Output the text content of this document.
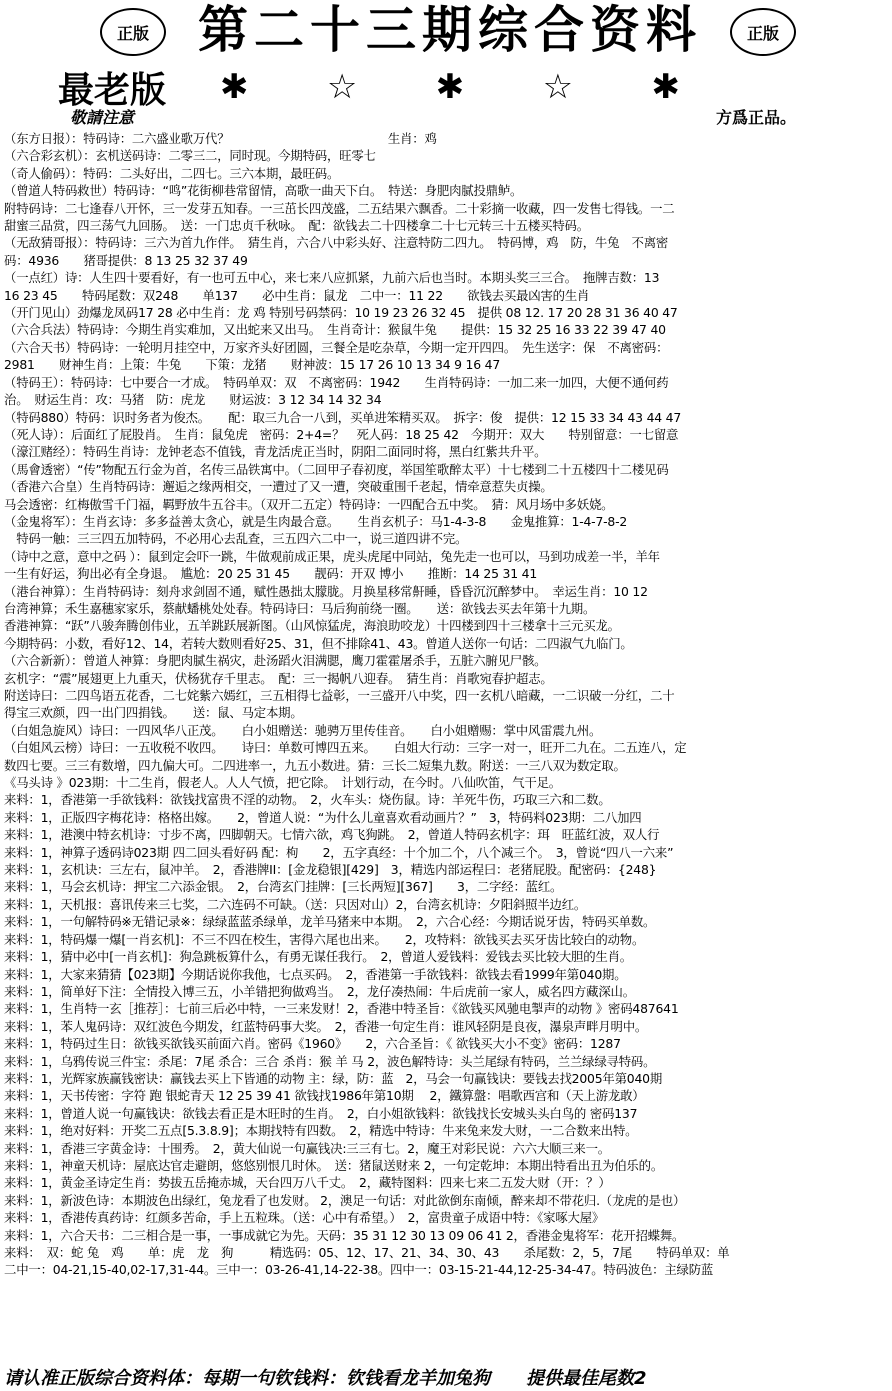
正版 第二十三期综合资料	正版
最老版 ✱ ☆ ✱ ☆ ✱
敬請注意	方爲正品。
（东方日报）：特码诗：二六盛业歌万代？　　　　　　　　　　　　　生肖：鸡
（六合彩玄机）：玄机送码诗：二零三二，同时现。今期特码，旺零七
（奇人偷码）：特码：二头好出，二四七。三六本期，最旺码。
（曾道人特码救世）特码诗：“鸣”花街柳巷常留情，高歌一曲天下白。　特送：身肥肉腻投鼎鲈。
附特码诗：二七逢春八开怀，三一发芽五知春。一三茁长四茂盛，二五结果六飘香。二十彩摘一收藏，四一发售七得钱。一二
甜蜜三品赏，四三荡气九回肠。　送：一门忠贞千秋咏。　配：欲钱去二十四楼拿二十七元转三十五楼买特码。
（无敌猜哥报）：特码诗：三六为首九作伴。　猜生肖，六合八中彩头好、注意特防二四九。　特码博，鸡　防，牛兔　不离密
码：4936　　猪哥提供：8 13 25 32 37 49
（一点红）诗：人生四十要看好，有一也可五中心，来七来八应抓紧，九前六后也当时。本期头奖三三合。　拖牌吉数：13
16 23 45　　特码尾数：双248　　单137　　必中生肖：鼠龙　二中一：11 22　　欲钱去买最凶害的生肖
（开门见山）劲爆龙凤码17 28 必中生肖：龙 鸡 特别号码禁码：10 19 23 26 32 45　提供 08 12. 17 20 28 31 36 40 47
（六合兵法）特码诗：今期生肖实难加，又出蛇来又出马。　生肖奇计：猴鼠牛兔　　提供：15 32 25 16 33 22 39 47 40
（六合天书）特码诗：一轮明月挂空中，万家齐头好团圆，三餐全是吃杂草，今期一定开四四。　先生送字：保　不离密码：
2981　　财神生肖：上策：牛兔　　下策：龙猪　　财神波：15 17 26 10 13 34 9 16 47
（特码王）：特码诗：七中要合一才成。　特码单双：双　不离密码：1942　　生肖特码诗：一加二来一加四，大便不通何药
治。　财运生肖：攻：马猪　防：虎龙　　财运波：3 12 34 14 32 34
（特码880）特码：识时务者为俊杰。　　配：取三九合一八到，买单进笨精买双。　拆字：俊　提供：12 15 33 34 43 44 47
（死人诗）：后面红了屁股肖。　生肖：鼠兔虎　密码：2+4=？　死人码：18 25 42　今期开：双大　　特别留意：一七留意
（濠江赌经）：特码生肖诗：龙钟老态不值钱，青龙活虎正当时，阴阳二面同时将，黑白红紫共升平。
（馬會透密）“传”物配五行金为首，名传三品铁寓中。（二回甲子春初度，举国笙歌醉太平）十七楼到二十五楼四十二楼见码
（香港六合皇）生肖特码诗：邂逅之缘两相交，一遭过了又一遭，突破重围千老起，情牵意惹失贞操。
马会透密：红梅傲雪千门福，羁野放牛五谷丰。（双开二五定）特码诗：一四配合五中奖。　猜：风月场中多妖娆。
（金鬼将军）：生肖玄诗：多多益善太贪心，就是生肉最合意。　　生肖玄机子：马1-4-3-8　　金鬼推算：1-4-7-8-2
　特码一触：三三四五加特码，不必用心去乱查，三五四六二中一，说三道四讲不完。
（诗中之意，意中之码 ）：鼠到定会吓一跳，牛做观前成正果，虎头虎尾中同站，兔先走一也可以，马到功成差一半，羊年
一生有好运，狗出必有全身退。　尴尬：20 25 31 45　　靓码：开双 博小　　推断：14 25 31 41
（港台神算）：生肖特码诗：刻舟求剑固不通，赋性愚拙太朦胧。月换星移常鼾睡，昏昏沉沉醉梦中。　幸运生肖：10 12
台湾神算；禾生嘉穗家家乐，蔡献蟠桃处处春。特码诗曰：马后狗前绕一圈。　　送：欲钱去买去年第十九期。
香港神算：“跃”八骏奔腾创伟业，五羊跳跃展新图。（山风惊猛虎，海浪助咬龙）十四楼到四十三楼拿十三元买龙。
今期特码：小数，看好12、14，若转大数则看好25、31，但不排除41、43。曾道人送你一句话：二四淑气九临门。
（六合新新）：曾道人神算：身肥肉腻生祸灾，赴汤蹈火泪满腮，鹰刀霍霍屠杀手，五脏六腑见尸骸。
玄机字：“震”展翅更上九重天，伏杨犹存千里志。　配：三一揭帆八迎春。　猜生肖：肖歌宛春护超志。
附送诗曰：二四鸟语五花香，二七姹紫六嫣红，三五相得七益彰，一三盛开八中奖，四一玄机八暗藏，一二识破一分红，二十
得宝三欢颜，四一出门四捐钱。　　送：鼠、马定本期。
（白姐急旋风）诗曰：一四风华八正茂。　　白小姐赠送：驰骋万里传佳音。　　白小姐赠赐：掌中风雷震九州。
（白姐风云榜）诗曰：一五收税不收四。　　诗曰：单数可博四五来。　　白姐大行动：三字一对一，旺开二九在。二五连八，定
数四七要。三三有数增，四九偏大可。二四进率一，九五小数进。猜：三长二短集九数。附送：一三八双为数定取。
《马头诗 》023期：十二生肖，假老人。人人气愤，把它除。　计划行动，在今时。八仙吹笛，气干足。
来料：1，香港第一手欲钱料：欲钱找富贵不淫的动物。　2，火车头：烧伤鼠。诗：羊死牛伤，巧取三六和二数。
来料：1，正版四字梅花诗：格格出嫁。　　2，曾道人说：“为什么儿童喜欢看动画片？”　3，特码料023期：二八加四
来料：1，港澳中特玄机诗：寸步不离，四脚朝天。七情六欲，鸡飞狗跳。　2，曾道人特码玄机字：珥　旺蓝红波，双人行
来料：1，神算子透码诗023期 四二回头看好码 配：枸　　2，五字真经：十个加二个，八个减三个。　3，曾说“四八一六来”
来料：1，玄机诀：三左右，鼠冲羊。　2，香港牌II：[金龙稳银][429]　3，精选内部运程曰：老猪屁股。配密码：{248}
来料：1，马会玄机诗：押宝二六添金银。　2，台湾玄门挂牌：[三长两短][367]　　3，二字经：蓝红。
来料：1，天机报：喜讯传来三七奖，二六连码不可缺。（送：只因对山）2，台湾玄机诗：夕阳斜照半边红。
来料：1，一句解特码※无错记录※：绿绿蓝蓝杀绿单，龙羊马猪来中本期。　2，六合心经：今期话说牙齿，特码买单数。
来料：1，特码爆一爆[一肖玄机]：不三不四在校生，害得六尾也出来。　　2，攻特料：欲钱买去买牙齿比较白的动物。
来料：1，猜中必中[一肖玄机]：狗急跳板算什么，有勇无谋任我行。　2，曾道人爱钱料：爱钱去买比较大胆的生肖。
来料：1，大家来猜猜【023期】今期话说你我他，七点买码。　2，香港第一手欲钱料：欲钱去看1999年第040期。
来料：1，简单好下注：全情投入博三五，小羊错把狗做鸡当。　2，龙仔凑热闹：牛后虎前一家人，威名四方藏深山。
来料：1，生肖特一玄［推荐］：七前三后必中特，一三来发财！2，香港中特圣旨：《欲钱买风驰电掣声的动物 》密码487641
来料：1，苯人鬼码诗：双红波色今期发，红蓝特码事大奖。　2，香港一句定生肖：谁风轻阴是良夜，瀑泉声畔月明中。
来料：1，特码过生日：欲钱买欲钱买前面六肖。密码《1960》　　2，六合圣旨：《 欲钱买大小不变》密码：1287
来料：1，乌鸦传说三件宝：杀尾：7尾 杀合：三合 杀肖：猴 羊 马 2，波色解特诗：头兰尾绿有特码，兰兰绿绿寻特码。
来料：1，光辉家族赢钱密诀：赢钱去买上下皆通的动物 主：绿，防：蓝　2，马会一句赢钱诀：要钱去找2005年第040期
来料：1，天书传密：字符 跑 银蛇青天 12 25 39 41 欲钱找1986年第10期　 2，鐵算盤：唱歌西宫和（天上游龙敢）
来料：1，曾道人说一句赢钱诀：欲钱去看正是木旺时的生肖。　2，白小姐欲钱料：欲钱找长安城头头白鸟的 密码137
来料：1，绝对好料：开奖二五点[5.3.8.9]；本期找特有四数。　2，精选中特诗：牛来兔来发大财，一二合数来出特。
来料：1，香港三字黄金诗：十围秀。　2，黄大仙说一句赢钱决:三三有七。2，魔王对彩民说：六六大顺三来一。
来料：1，神童天机诗：屋底达官走避朗，悠悠别恨几时休。　送：猪鼠送财来 2，一句定乾坤：本期出特看出丑为伯乐的。
来料：1，黄金圣诗定生肖：势拔五岳掩赤城，天台四万八千丈。　2，藏特图料：四来七来二五发大财（开：？）
来料：1，新波色诗：本期波色出绿红，兔龙看了也发财。 2，澳足一句话：对此欲倒东南倾，醉来却不带花归.（龙虎的是也）
来料：1，香港传真药诗：红颜多苦命，手上五粒珠。（送：心中有希望。）　2，富贵童子成语中特：《家啄大屋》
来料：1，六合天书：二三相合是一事，一事成就它为先。天码：35 31 12 30 13 09 06 41 2，香港金鬼将军：花开招蝶舞。
来料：　双：蛇 兔　鸡　　单：虎　龙　狗　　　精选码：05、12、17、21、34、30、43　　杀尾数：2，5，7尾　　特码单双：单
二中一：04-21,15-40,02-17,31-44。三中一：03-26-41,14-22-38。四中一：03-15-21-44,12-25-34-47。特码波色：主绿防蓝
请认准正版综合资料体：每期一句钦钱料：钦钱看龙羊加兔狗　　提供最佳尾数2
